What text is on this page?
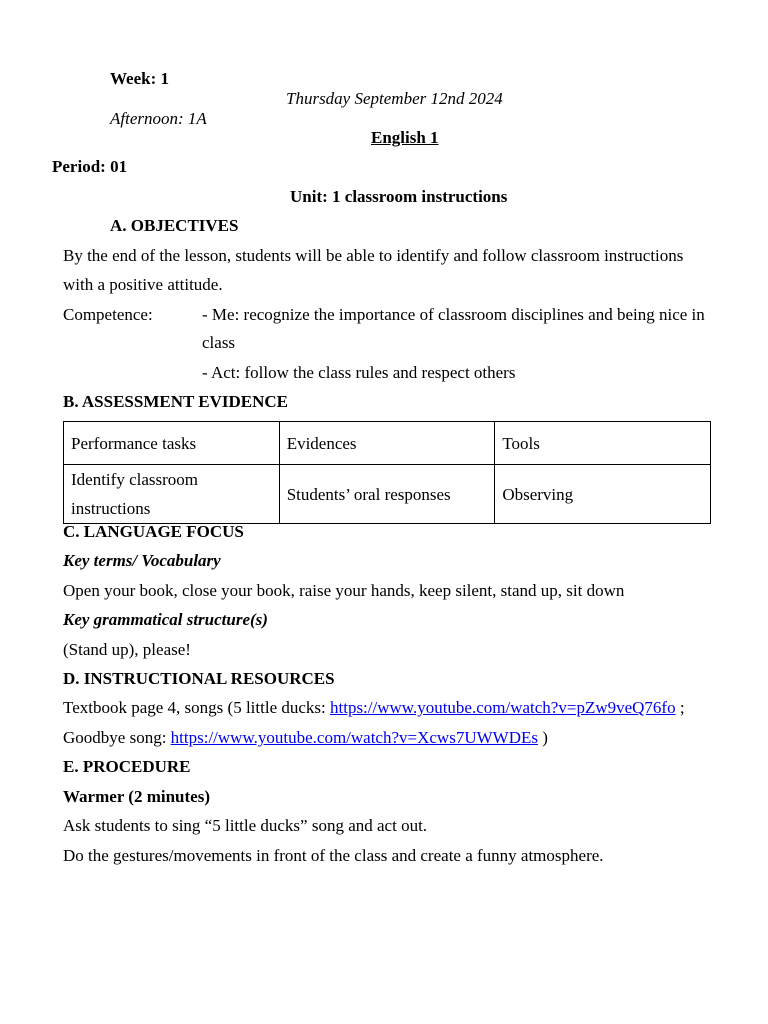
Week: 1
Thursday September 12nd 2024
Afternoon: 1A
English 1
Period: 01
Unit: 1 classroom instructions
A. OBJECTIVES
By the end of the lesson, students will be able to identify and follow classroom instructions
with a positive attitude.
Competence:	- Me: recognize the importance of classroom disciplines and being nice in
class
- Act: follow the class rules and respect others
B. ASSESSMENT EVIDENCE
Performance tasks	Evidences	Tools
Identify classroom instructions	Students’ oral responses	Observing
C. LANGUAGE FOCUS
Key terms/ Vocabulary
Open your book, close your book, raise your hands, keep silent, stand up, sit down
Key grammatical structure(s)
(Stand up), please!
D. INSTRUCTIONAL RESOURCES
Textbook page 4, songs (5 little ducks: https://www.youtube.com/watch?v=pZw9veQ76fo ;
Goodbye song: https://www.youtube.com/watch?v=Xcws7UWWDEs )
E. PROCEDURE
Warmer (2 minutes)
Ask students to sing “5 little ducks” song and act out.
Do the gestures/movements in front of the class and create a funny atmosphere.
